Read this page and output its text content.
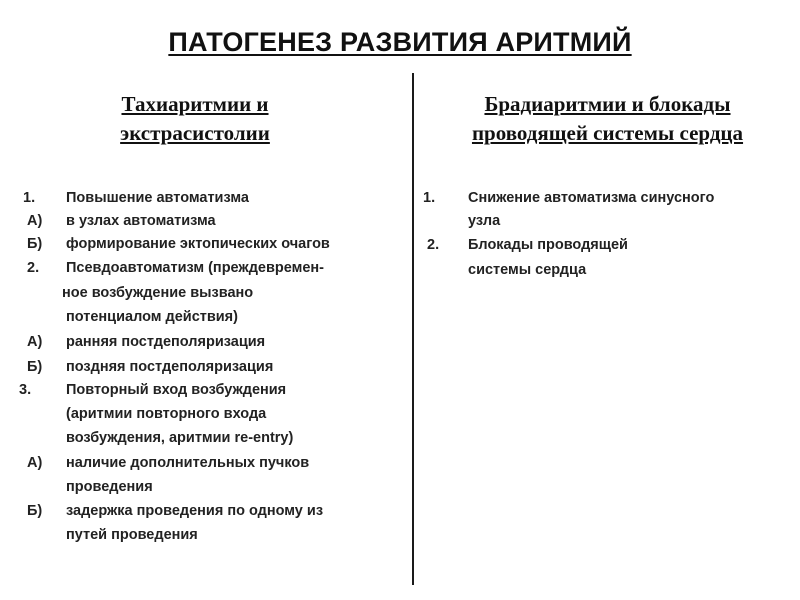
ПАТОГЕНЕЗ РАЗВИТИЯ АРИТМИЙ
Тахиаритмии и
экстрасистолии
Брадиаритмии и блокады
проводящей системы сердца
1. Повышение автоматизма
А) в узлах автоматизма
Б) формирование эктопических очагов
2. Псевдоавтоматизм (преждевремен-
ное возбуждение вызвано
потенциалом действия)
А) ранняя постдеполяризация
Б) поздняя постдеполяризация
3. Повторный вход возбуждения
(аритмии повторного входа
возбуждения, аритмии re-entry)
А) наличие дополнительных пучков
проведения
Б) задержка проведения по одному из
путей проведения
1. Снижение автоматизма синусного
узла
2. Блокады проводящей
системы сердца
